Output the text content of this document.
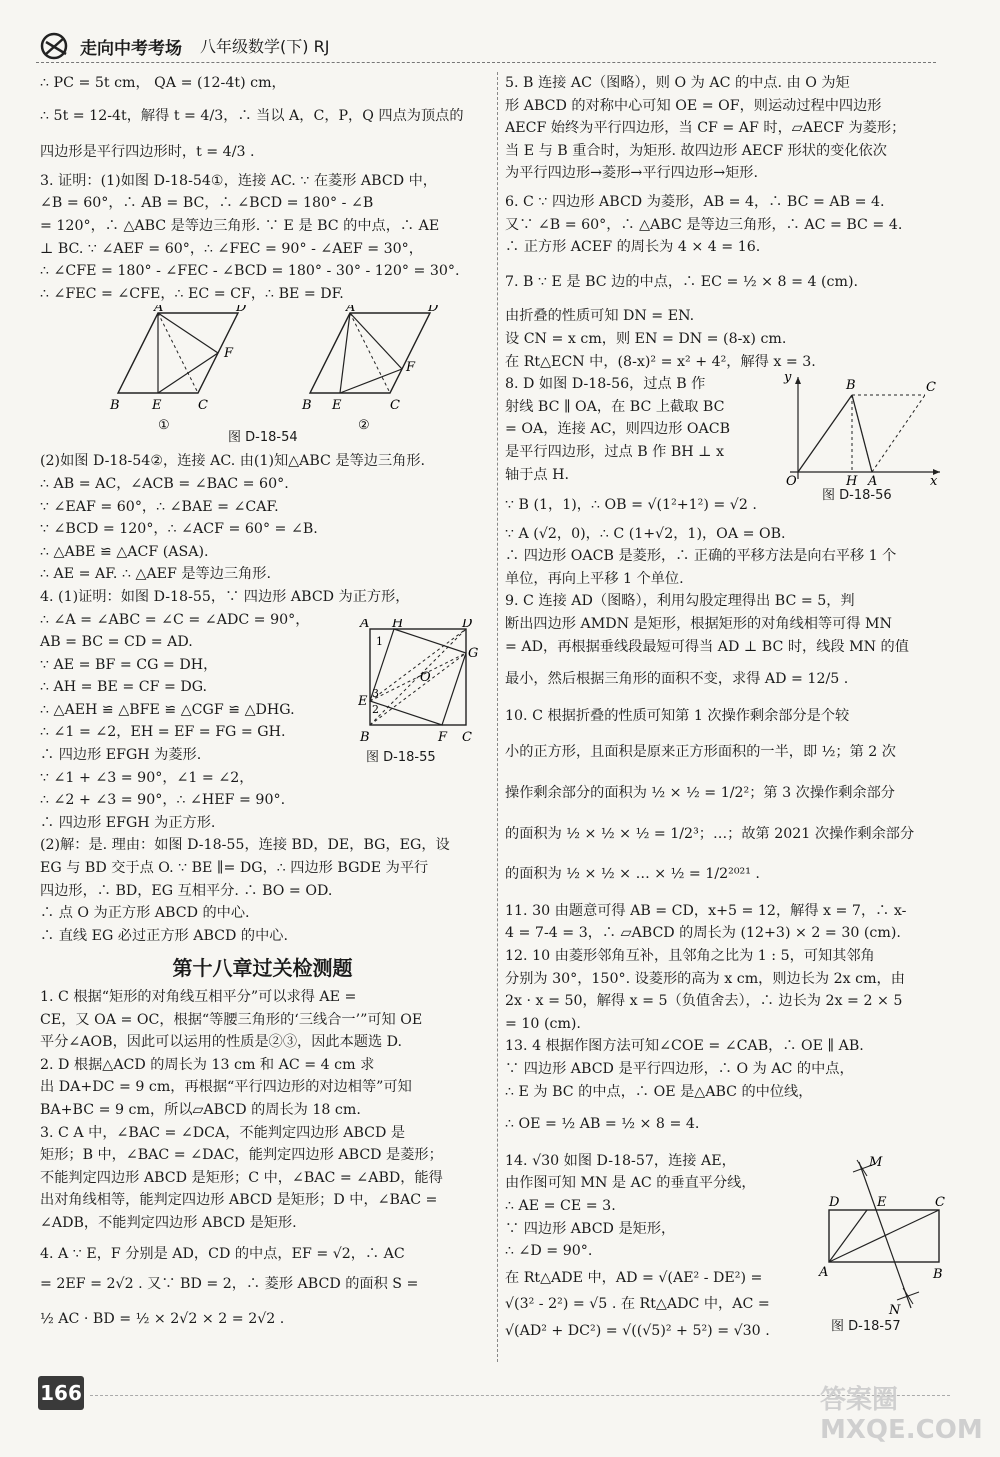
走向中考考场 八年级数学(下) RJ

∴ PC = 5t cm， QA = (12-4t) cm，

∴ 5t = 12-4t，解得 t = 4/3，∴ 当以 A，C，P，Q 四点为顶点的

四边形是平行四边形时，t = 4/3 .

3. 证明：(1)如图 D-18-54①，连接 AC. ∵ 在菱形 ABCD 中，

∠B = 60°，∴ AB = BC，∴ ∠BCD = 180° - ∠B

= 120°，∴ △ABC 是等边三角形. ∵ E 是 BC 的中点，∴ AE

⊥ BC. ∵ ∠AEF = 60°，∴ ∠FEC = 90° - ∠AEF = 30°，

∴ ∠CFE = 180° - ∠FEC - ∠BCD = 180° - 30° - 120° = 30°.

∴ ∠FEC = ∠CFE，∴ EC = CF，∴ BE = DF.

A	D
F
B E	C
①
A	D
F
B E	C
②
图 D-18-54

(2)如图 D-18-54②，连接 AC. 由(1)知△ABC 是等边三角形.

∴ AB = AC，∠ACB = ∠BAC = 60°.

∵ ∠EAF = 60°，∴ ∠BAE = ∠CAF.

∵ ∠BCD = 120°，∴ ∠ACF = 60° = ∠B.

∴ △ABE ≌ △ACF (ASA).

∴ AE = AF. ∴ △AEF 是等边三角形.

4. (1)证明：如图 D-18-55，∵ 四边形 ABCD 为正方形，

∴ ∠A = ∠ABC = ∠C = ∠ADC = 90°，

AB = BC = CD = AD.

∵ AE = BF = CG = DH，

∴ AH = BE = CF = DG.

∴ △AEH ≌ △BFE ≌ △CGF ≌ △DHG.

∴ ∠1 = ∠2，EH = EF = FG = GH.

∴ 四边形 EFGH 为菱形.

∵ ∠1 + ∠3 = 90°，∠1 = ∠2，

∴ ∠2 + ∠3 = 90°，∴ ∠HEF = 90°.

∴ 四边形 EFGH 为正方形.

A H	D
G
O
E
B	F C
1
3
2
图 D-18-55

(2)解：是. 理由：如图 D-18-55，连接 BD，DE，BG，EG，设

EG 与 BD 交于点 O. ∵ BE ∥= DG，∴ 四边形 BGDE 为平行

四边形，∴ BD，EG 互相平分. ∴ BO = OD.

∴ 点 O 为正方形 ABCD 的中心.

∴ 直线 EG 必过正方形 ABCD 的中心.

第十八章过关检测题

1. C 根据“矩形的对角线互相平分”可以求得 AE =

CE，又 OA = OC，根据“等腰三角形的‘三线合一’”可知 OE

平分∠AOB，因此可以运用的性质是②③，因此本题选 D.

2. D 根据△ACD 的周长为 13 cm 和 AC = 4 cm 求

出 DA+DC = 9 cm，再根据“平行四边形的对边相等”可知

BA+BC = 9 cm，所以▱ABCD 的周长为 18 cm.

3. C A 中，∠BAC = ∠DCA，不能判定四边形 ABCD 是

矩形；B 中，∠BAC = ∠DAC，能判定四边形 ABCD 是菱形；

不能判定四边形 ABCD 是矩形；C 中，∠BAC = ∠ABD，能得

出对角线相等，能判定四边形 ABCD 是矩形；D 中，∠BAC =

∠ADB，不能判定四边形 ABCD 是矩形.

4. A ∵ E，F 分别是 AD，CD 的中点，EF = √2，∴ AC

= 2EF = 2√2 . 又∵ BD = 2，∴ 菱形 ABCD 的面积 S =

½ AC · BD = ½ × 2√2 × 2 = 2√2 .

5. B 连接 AC（图略），则 O 为 AC 的中点. 由 O 为矩

形 ABCD 的对称中心可知 OE = OF，则运动过程中四边形

AECF 始终为平行四边形，当 CF = AF 时，▱AECF 为菱形；

当 E 与 B 重合时，为矩形. 故四边形 AECF 形状的变化依次

为平行四边形→菱形→平行四边形→矩形.

6. C ∵ 四边形 ABCD 为菱形，AB = 4，∴ BC = AB = 4.

又∵ ∠B = 60°，∴ △ABC 是等边三角形，∴ AC = BC = 4.

∴ 正方形 ACEF 的周长为 4 × 4 = 16.

7. B ∵ E 是 BC 边的中点，∴ EC = ½ × 8 = 4 (cm).

由折叠的性质可知 DN = EN.

设 CN = x cm，则 EN = DN = (8-x) cm.

在 Rt△ECN 中，(8-x)² = x² + 4²，解得 x = 3.

8. D 如图 D-18-56，过点 B 作

射线 BC ∥ OA，在 BC 上截取 BC

= OA，连接 AC，则四边形 OACB

是平行四边形，过点 B 作 BH ⊥ x

轴于点 H.

∵ B (1，1)，∴ OB = √(1²+1²) = √2 .

y
B	C
O	H A	x
图 D-18-56

∵ A (√2，0)，∴ C (1+√2，1)，OA = OB.

∴ 四边形 OACB 是菱形，∴ 正确的平移方法是向右平移 1 个

单位，再向上平移 1 个单位.

9. C 连接 AD（图略），利用勾股定理得出 BC = 5，判

断出四边形 AMDN 是矩形，根据矩形的对角线相等可得 MN

= AD，再根据垂线段最短可得当 AD ⊥ BC 时，线段 MN 的值

最小，然后根据三角形的面积不变，求得 AD = 12/5 .

10. C 根据折叠的性质可知第 1 次操作剩余部分是个较

小的正方形，且面积是原来正方形面积的一半，即 ½；第 2 次

操作剩余部分的面积为 ½ × ½ = 1/2²；第 3 次操作剩余部分

的面积为 ½ × ½ × ½ = 1/2³；…；故第 2021 次操作剩余部分

的面积为 ½ × ½ × … × ½ = 1/2²⁰²¹ .

11. 30 由题意可得 AB = CD，x+5 = 12，解得 x = 7，∴ x-

4 = 7-4 = 3，∴ ▱ABCD 的周长为 (12+3) × 2 = 30 (cm).

12. 10 由菱形邻角互补，且邻角之比为 1 : 5，可知其邻角

分别为 30°，150°. 设菱形的高为 x cm，则边长为 2x cm，由

2x · x = 50，解得 x = 5（负值舍去），∴ 边长为 2x = 2 × 5

= 10 (cm).

13. 4 根据作图方法可知∠COE = ∠CAB，∴ OE ∥ AB.

∵ 四边形 ABCD 是平行四边形，∴ O 为 AC 的中点，

∴ E 为 BC 的中点，∴ OE 是△ABC 的中位线，

∴ OE = ½ AB = ½ × 8 = 4.

14. √30 如图 D-18-57，连接 AE，

由作图可知 MN 是 AC 的垂直平分线，

∴ AE = CE = 3.

∵ 四边形 ABCD 是矩形，

∴ ∠D = 90°.

在 Rt△ADE 中，AD = √(AE² - DE²) =

√(3² - 2²) = √5 . 在 Rt△ADC 中，AC =

√(AD² + DC²) = √((√5)² + 5²) = √30 .

M
D	E	C
A	B
N
图 D-18-57
166	答案圈 MXQE.COM
